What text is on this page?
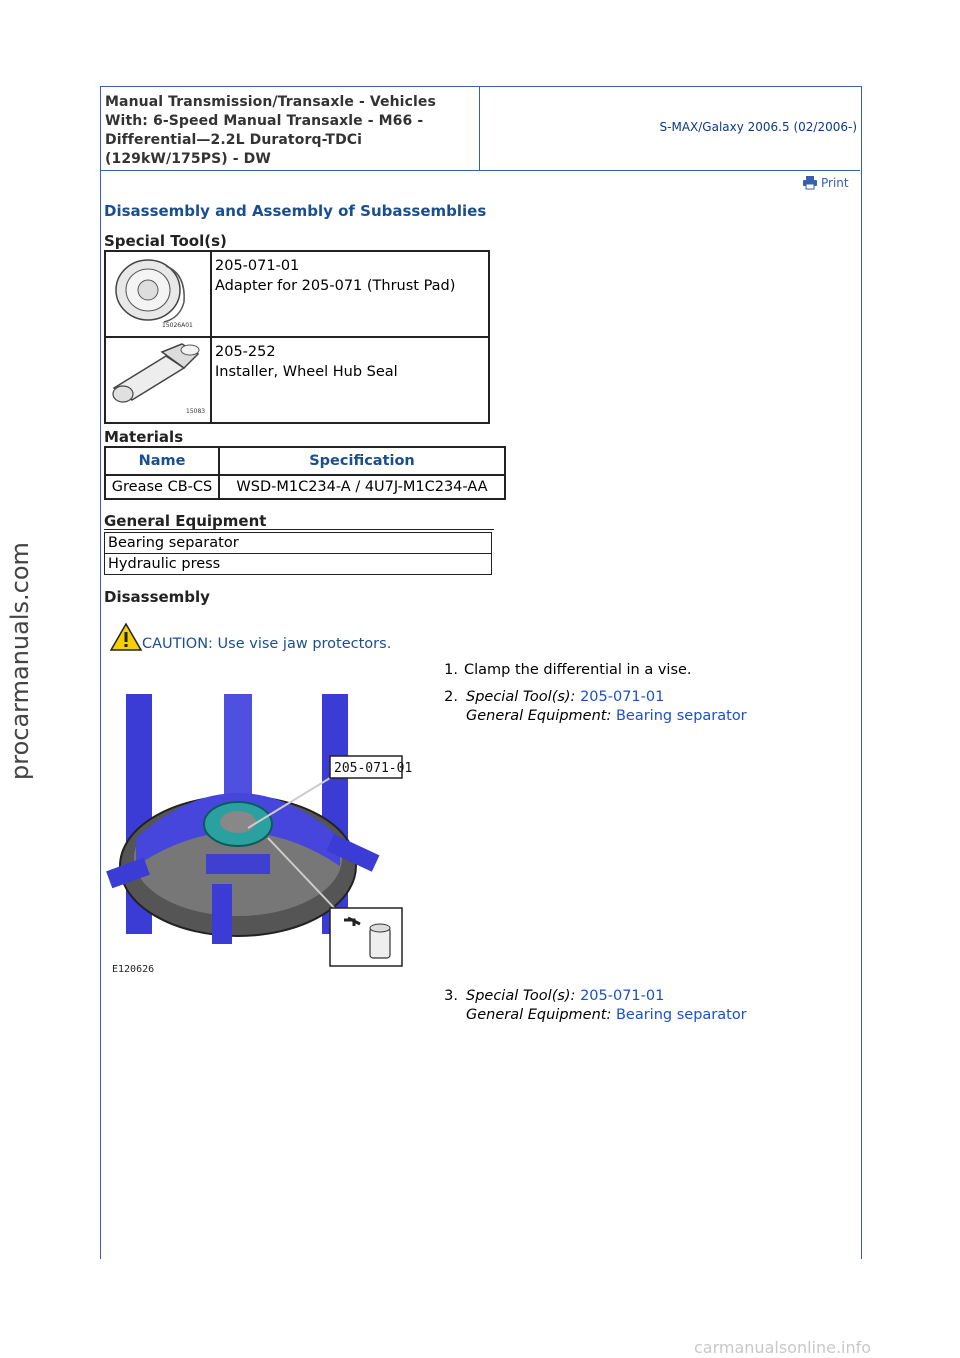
Manual Transmission/Transaxle - Vehicles
With: 6-Speed Manual Transaxle - M66 -
Differential—2.2L Duratorq-TDCi
(129kW/175PS) - DW
S-MAX/Galaxy 2006.5 (02/2006-)
Print
Disassembly and Assembly of Subassemblies
Special Tool(s)
15026A01	205-071-01
Adapter for 205-071 (Thrust Pad)

15083	205-252
Installer, Wheel Hub Seal
Materials
Name	Specification
Grease CB-CS	WSD-M1C234-A / 4U7J-M1C234-AA
General Equipment
Bearing separator
Hydraulic press
Disassembly
CAUTION: Use vise jaw protectors.
1. Clamp the differential in a vise.
2. Special Tool(s): 205-071-01
General Equipment: Bearing separator
205-071-01
E120626
3. Special Tool(s): 205-071-01
General Equipment: Bearing separator
procarmanuals.com
carmanualsonline.info
